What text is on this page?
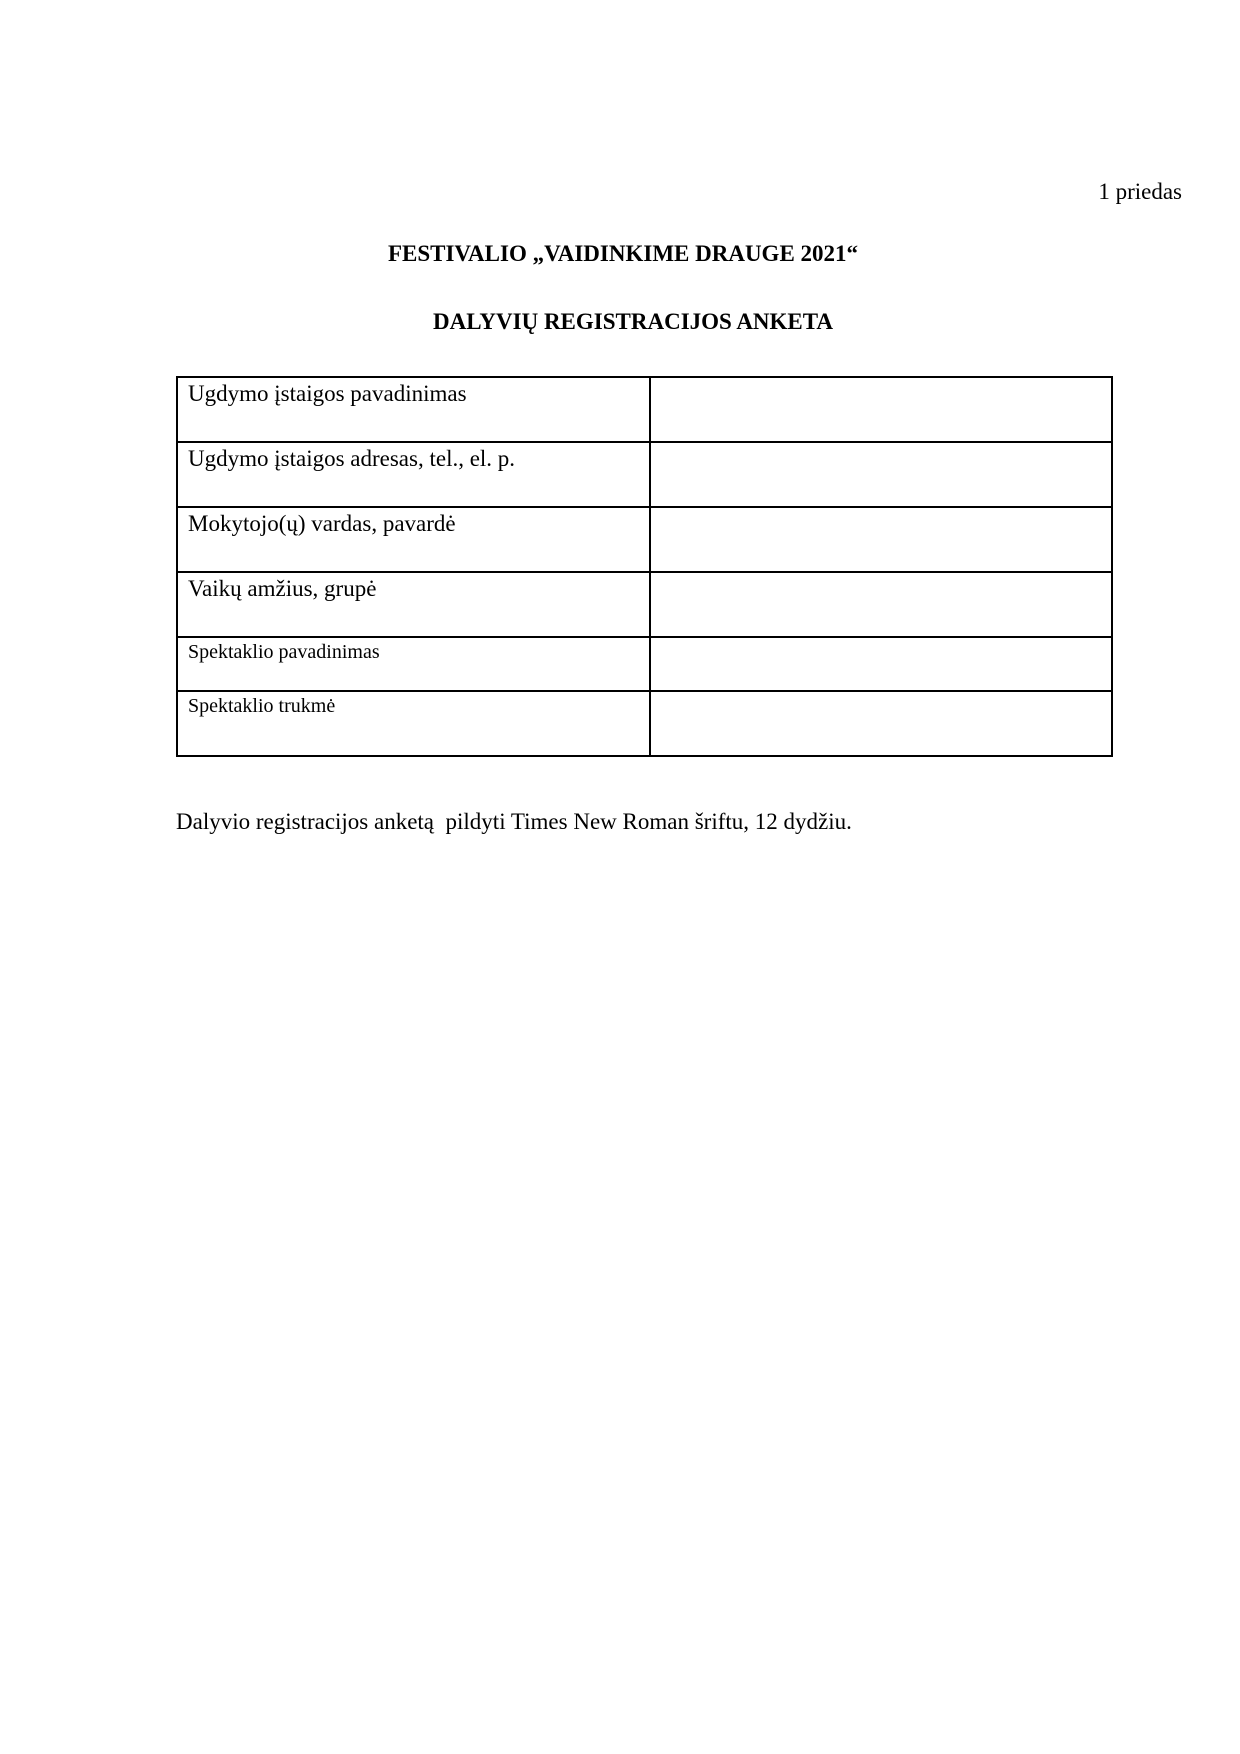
1 priedas
FESTIVALIO „VAIDINKIME DRAUGE 2021“
DALYVIŲ REGISTRACIJOS ANKETA
Ugdymo įstaigos pavadinimas	
Ugdymo įstaigos adresas, tel., el. p.	
Mokytojo(ų) vardas, pavardė	
Vaikų amžius, grupė	
Spektaklio pavadinimas	
Spektaklio trukmė	
Dalyvio registracijos anketą  pildyti Times New Roman šriftu, 12 dydžiu.
